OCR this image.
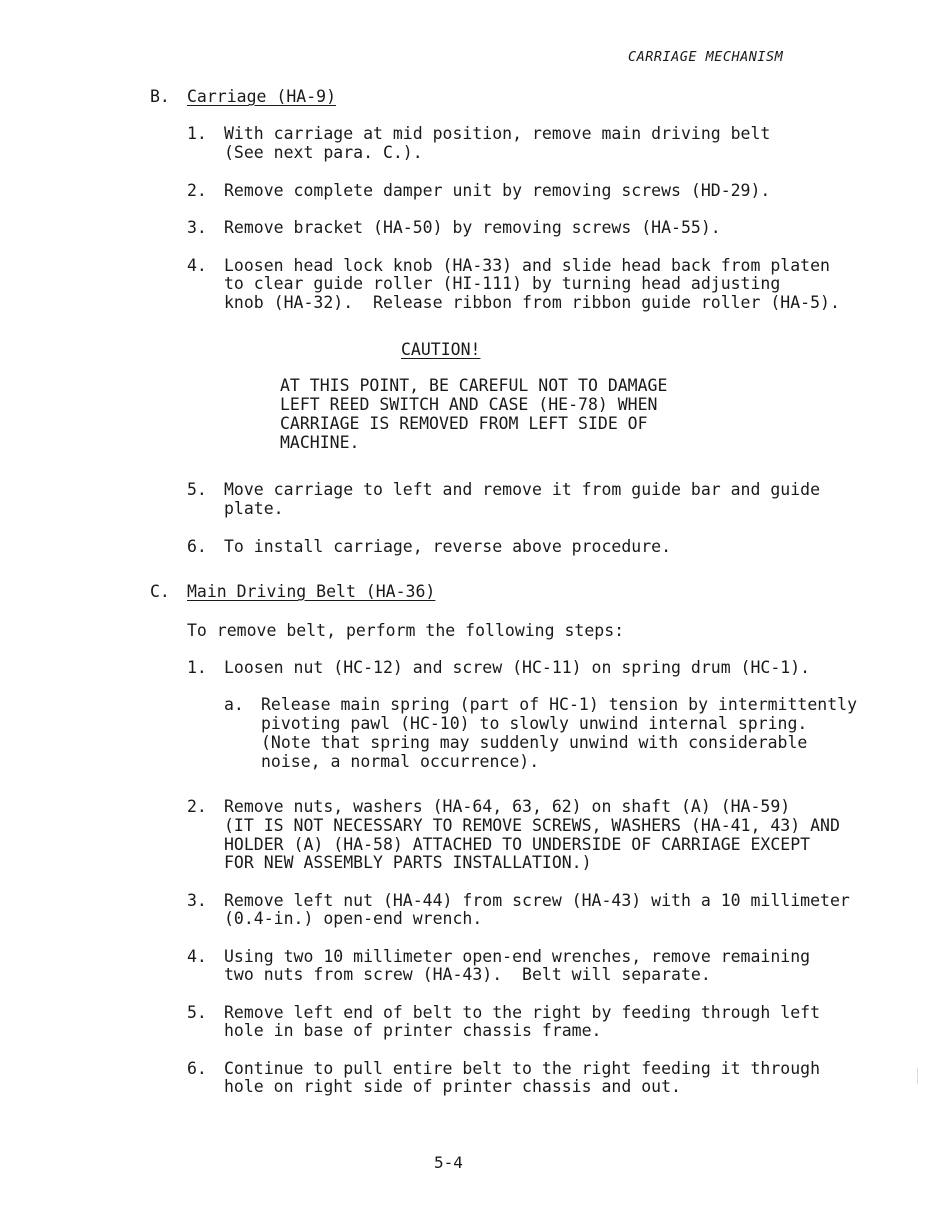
CARRIAGE MECHANISM
B. Carriage (HA-9)
1. With carriage at mid position, remove main driving belt
(See next para. C.).
2. Remove complete damper unit by removing screws (HD-29).
3. Remove bracket (HA-50) by removing screws (HA-55).
4. Loosen head lock knob (HA-33) and slide head back from platen
to clear guide roller (HI-111) by turning head adjusting
knob (HA-32).  Release ribbon from ribbon guide roller (HA-5).
CAUTION!
AT THIS POINT, BE CAREFUL NOT TO DAMAGE
LEFT REED SWITCH AND CASE (HE-78) WHEN
CARRIAGE IS REMOVED FROM LEFT SIDE OF
MACHINE.
5. Move carriage to left and remove it from guide bar and guide
plate.
6. To install carriage, reverse above procedure.
C. Main Driving Belt (HA-36)
To remove belt, perform the following steps:
1. Loosen nut (HC-12) and screw (HC-11) on spring drum (HC-1).
a. Release main spring (part of HC-1) tension by intermittently
pivoting pawl (HC-10) to slowly unwind internal spring.
(Note that spring may suddenly unwind with considerable
noise, a normal occurrence).
2. Remove nuts, washers (HA-64, 63, 62) on shaft (A) (HA-59)
(IT IS NOT NECESSARY TO REMOVE SCREWS, WASHERS (HA-41, 43) AND
HOLDER (A) (HA-58) ATTACHED TO UNDERSIDE OF CARRIAGE EXCEPT
FOR NEW ASSEMBLY PARTS INSTALLATION.)
3. Remove left nut (HA-44) from screw (HA-43) with a 10 millimeter
(0.4-in.) open-end wrench.
4. Using two 10 millimeter open-end wrenches, remove remaining
two nuts from screw (HA-43).  Belt will separate.
5. Remove left end of belt to the right by feeding through left
hole in base of printer chassis frame.
6. Continue to pull entire belt to the right feeding it through
hole on right side of printer chassis and out.
5-4
